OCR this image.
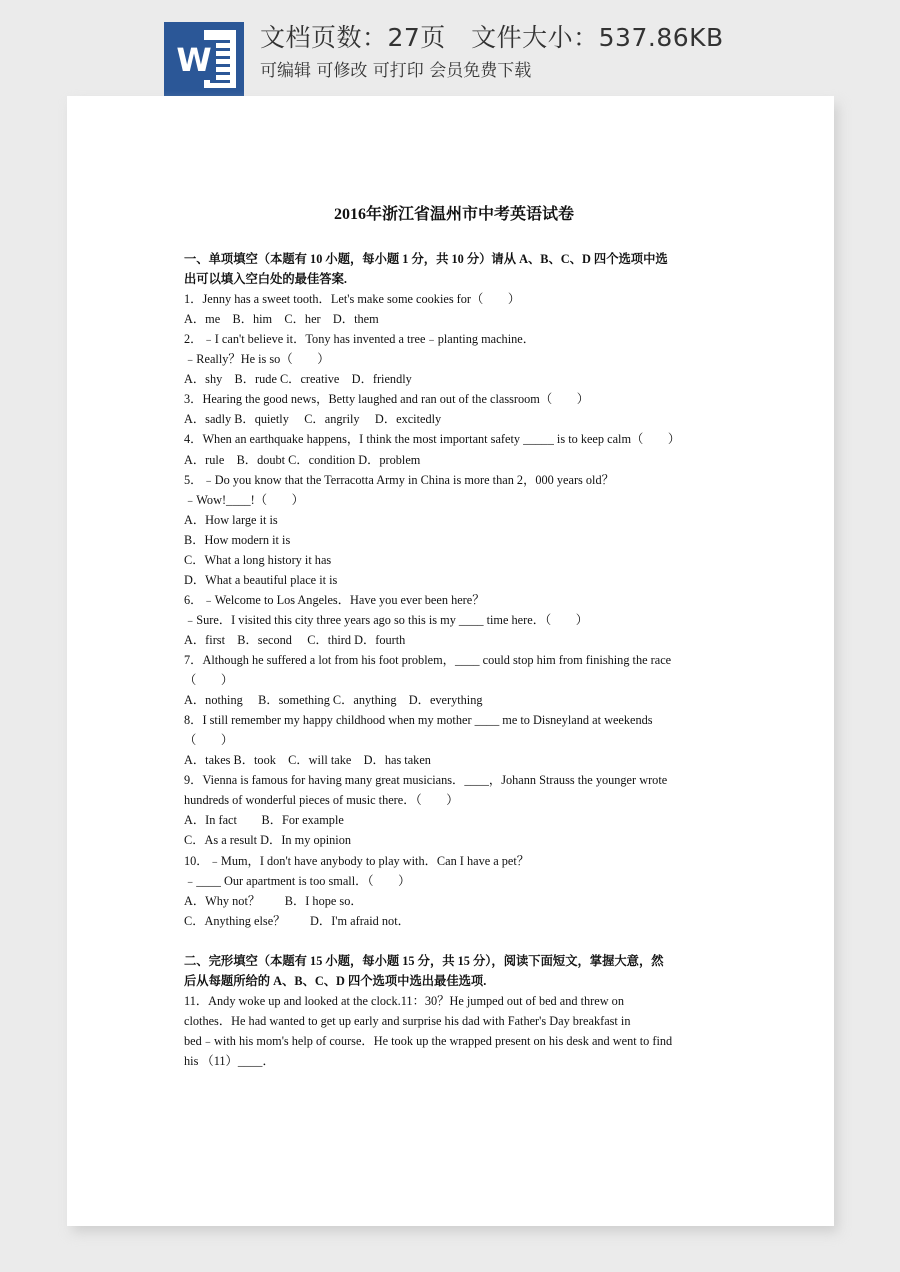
W
文档页数：27页   文件大小：537.86KB
可编辑 可修改 可打印 会员免费下载
2016年浙江省温州市中考英语试卷
一、单项填空（本题有 10 小题，每小题 1 分，共 10 分）请从 A、B、C、D 四个选项中选
出可以填入空白处的最佳答案.
1．Jenny has a sweet tooth．Let's make some cookies for（　　）
A．me　B．him　C．her　D．them
2．﹣I can't believe it．Tony has invented a tree﹣planting machine．
﹣Really？He is so（　　）
A．shy　B．rude C．creative　D．friendly
3．Hearing the good news，Betty laughed and ran out of the classroom（　　）
A．sadly B．quietly　 C．angrily　 D．excitedly
4．When an earthquake happens，I think the most important safety _____ is to keep calm（　　）
A．rule　B．doubt C．condition D．problem
5．﹣Do you know that the Terracotta Army in China is more than 2，000 years old？
﹣Wow!____!（　　）
A．How large it is
B．How modern it is
C．What a long history it has
D．What a beautiful place it is
6．﹣Welcome to Los Angeles．Have you ever been here？
﹣Sure．I visited this city three years ago so this is my ____ time here．（　　）
A．first　B．second　 C．third D．fourth
7．Although he suffered a lot from his foot problem，____ could stop him from finishing the race
（　　）
A．nothing　 B．something C．anything　D．everything
8．I still remember my happy childhood when my mother ____ me to Disneyland at weekends
（　　）
A．takes B．took　C．will take　D．has taken
9．Vienna is famous for having many great musicians．____，Johann Strauss the younger wrote
hundreds of wonderful pieces of music there．（　　）
A．In fact　　B．For example
C．As a result D．In my opinion
10．﹣Mum，I don't have anybody to play with．Can I have a pet？
﹣____ Our apartment is too small．（　　）
A．Why not？　　B．I hope so．
C．Anything else？　　D．I'm afraid not．
二、完形填空（本题有 15 小题，每小题 15 分，共 15 分），阅读下面短文，掌握大意，然
后从每题所给的 A、B、C、D 四个选项中选出最佳选项.
11．Andy woke up and looked at the clock.11：30？He jumped out of bed and threw on
clothes．He had wanted to get up early and surprise his dad with Father's Day breakfast in
bed﹣with his mom's help of course．He took up the wrapped present on his desk and went to find
his （11）____．
